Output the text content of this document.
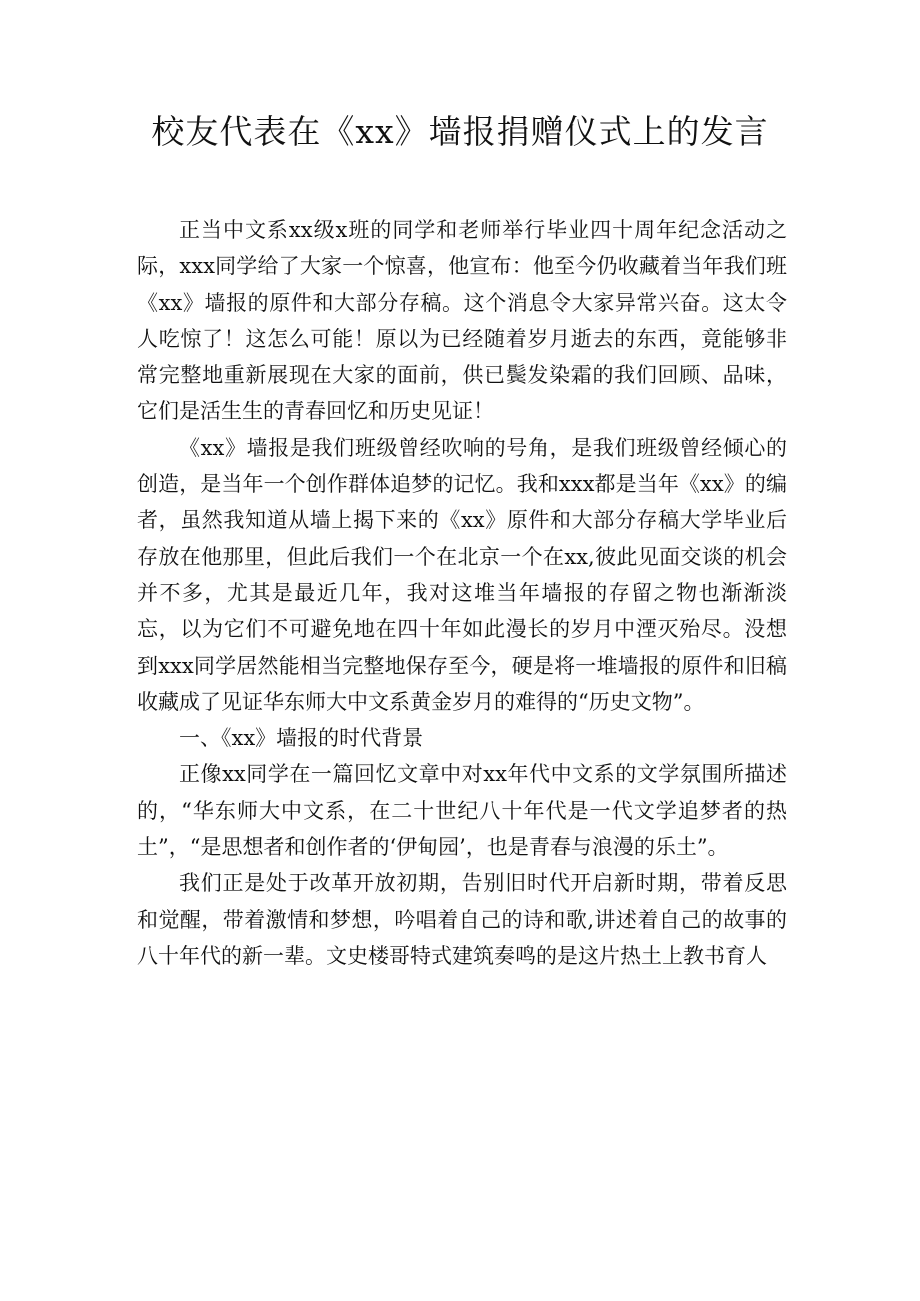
校友代表在《xx》墙报捐赠仪式上的发言

正当中文系xx级x班的同学和老师举行毕业四十周年纪念活动之际，xxx同学给了大家一个惊喜，他宣布：他至今仍收藏着当年我们班《xx》墙报的原件和大部分存稿。这个消息令大家异常兴奋。这太令人吃惊了！这怎么可能！原以为已经随着岁月逝去的东西，竟能够非常完整地重新展现在大家的面前，供已鬓发染霜的我们回顾、品味，它们是活生生的青春回忆和历史见证！

《xx》墙报是我们班级曾经吹响的号角，是我们班级曾经倾心的创造，是当年一个创作群体追梦的记忆。我和xxx都是当年《xx》的编者，虽然我知道从墙上揭下来的《xx》原件和大部分存稿大学毕业后存放在他那里，但此后我们一个在北京一个在xx,彼此见面交谈的机会并不多，尤其是最近几年，我对这堆当年墙报的存留之物也渐渐淡忘，以为它们不可避免地在四十年如此漫长的岁月中湮灭殆尽。没想到xxx同学居然能相当完整地保存至今，硬是将一堆墙报的原件和旧稿收藏成了见证华东师大中文系黄金岁月的难得的“历史文物”。

一、《xx》墙报的时代背景

正像xx同学在一篇回忆文章中对xx年代中文系的文学氛围所描述的，“华东师大中文系，在二十世纪八十年代是一代文学追梦者的热土”，“是思想者和创作者的‘伊甸园’，也是青春与浪漫的乐土”。

我们正是处于改革开放初期，告别旧时代开启新时期，带着反思和觉醒，带着激情和梦想，吟唱着自己的诗和歌,讲述着自己的故事的八十年代的新一辈。文史楼哥特式建筑奏鸣的是这片热土上教书育人
